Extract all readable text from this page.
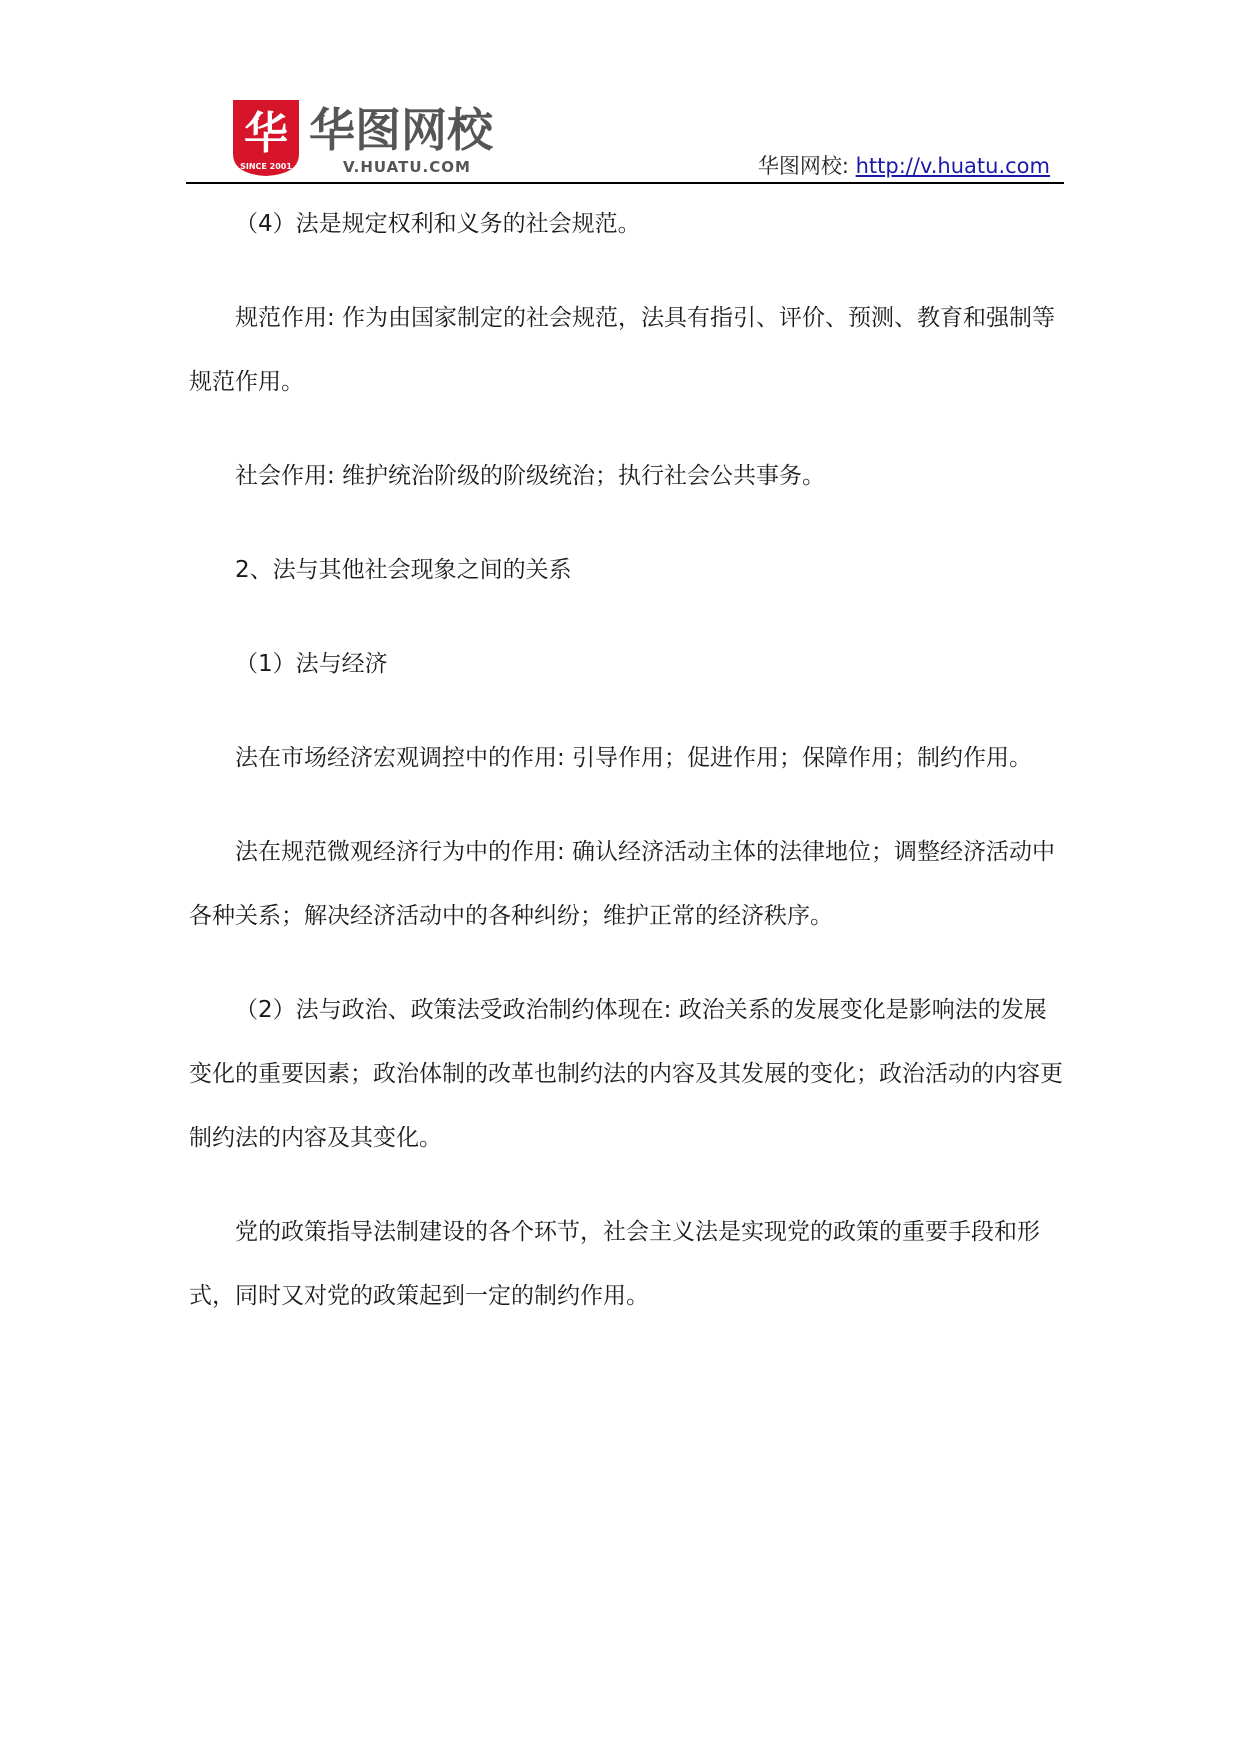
华
SINCE 2001
华图网校
V.HUATU.COM	华图网校: http://v.huatu.com

（4）法是规定权利和义务的社会规范。

规范作用: 作为由国家制定的社会规范，法具有指引、评价、预测、教育和强制等规范作用。

社会作用: 维护统治阶级的阶级统治；执行社会公共事务。

2、法与其他社会现象之间的关系

（1）法与经济

法在市场经济宏观调控中的作用: 引导作用；促进作用；保障作用；制约作用。

法在规范微观经济行为中的作用: 确认经济活动主体的法律地位；调整经济活动中各种关系；解决经济活动中的各种纠纷；维护正常的经济秩序。

（2）法与政治、政策法受政治制约体现在: 政治关系的发展变化是影响法的发展变化的重要因素；政治体制的改革也制约法的内容及其发展的变化；政治活动的内容更制约法的内容及其变化。

党的政策指导法制建设的各个环节，社会主义法是实现党的政策的重要手段和形式，同时又对党的政策起到一定的制约作用。
